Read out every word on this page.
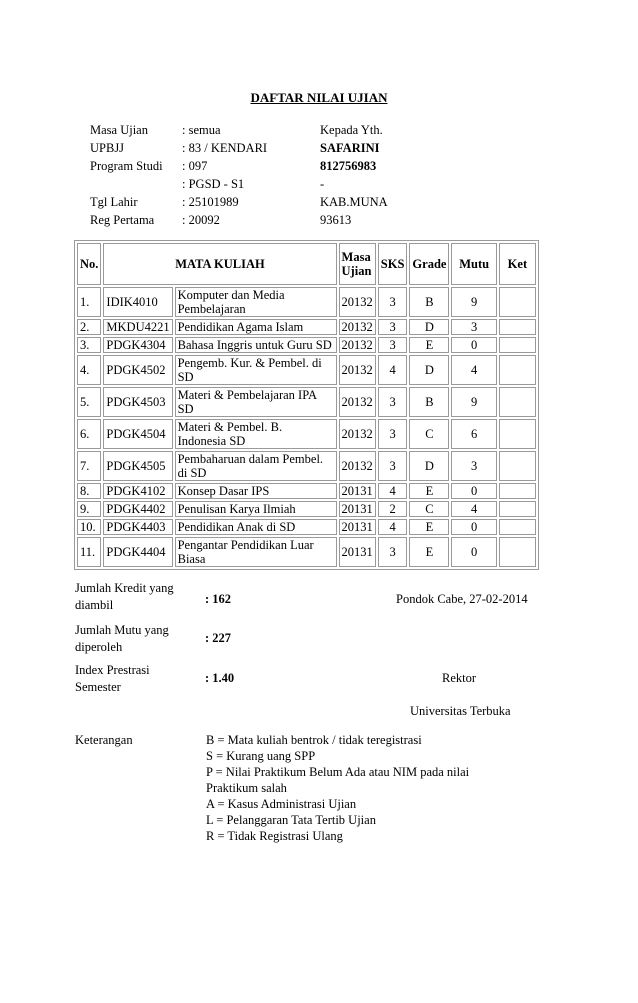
DAFTAR NILAI UJIAN
Masa Ujian	: semua
UPBJJ	: 83 / KENDARI
Program Studi : 097
: PGSD - S1
Tgl Lahir	: 25101989
Reg Pertama : 20092
Kepada Yth.
SAFARINI
812756983
-
KAB.MUNA
93613
No.	MATA KULIAH		Masa Ujian	SKS	Grade	Mutu	Ket
1.	IDIK4010	Komputer dan Media Pembelajaran	20132	3	B	9	
2.	MKDU4221	Pendidikan Agama Islam	20132	3	D	3	
3.	PDGK4304	Bahasa Inggris untuk Guru SD	20132	3	E	0	
4.	PDGK4502	Pengemb. Kur. & Pembel. di SD	20132	4	D	4	
5.	PDGK4503	Materi & Pembelajaran IPA SD	20132	3	B	9	
6.	PDGK4504	Materi & Pembel. B. Indonesia SD	20132	3	C	6	
7.	PDGK4505	Pembaharuan dalam Pembel. di SD	20132	3	D	3	
8.	PDGK4102	Konsep Dasar IPS	20131	4	E	0	
9.	PDGK4402	Penulisan Karya Ilmiah	20131	2	C	4	
10.	PDGK4403	Pendidikan Anak di SD	20131	4	E	0	
11.	PDGK4404	Pengantar Pendidikan Luar Biasa	20131	3	E	0	
Jumlah Kredit yang diambil	: 162	Pondok Cabe, 27-02-2014
Jumlah Mutu yang diperoleh
: 227
Index Prestrasi Semester
: 1.40	Rektor
Universitas Terbuka
Keterangan	B = Mata kuliah bentrok / tidak teregistrasi
S = Kurang uang SPP
P = Nilai Praktikum Belum Ada atau NIM pada nilai
Praktikum salah
A = Kasus Administrasi Ujian
L = Pelanggaran Tata Tertib Ujian
R = Tidak Registrasi Ulang
